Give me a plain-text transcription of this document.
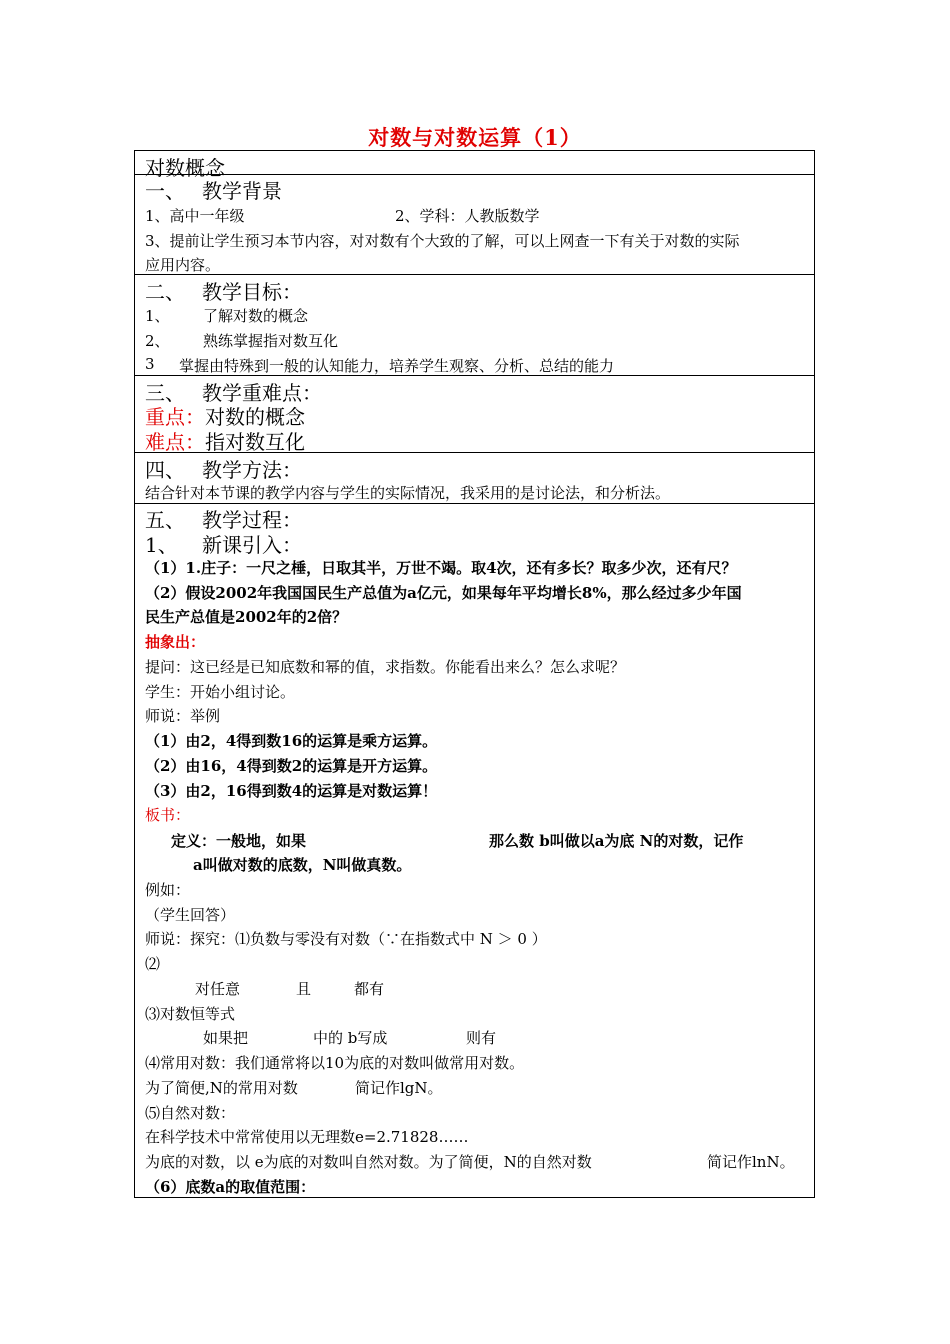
对数与对数运算（1）
对数概念
一、 教学背景
1、高中一年级	2、学科：人教版数学
3、提前让学生预习本节内容，对对数有个大致的了解，可以上网查一下有关于对数的实际
应用内容。
二、 教学目标：
1、 了解对数的概念
2、 熟练掌握指对数互化
3 掌握由特殊到一般的认知能力，培养学生观察、分析、总结的能力
三、 教学重难点：
重点：对数的概念
难点：指对数互化
四、 教学方法：
结合针对本节课的教学内容与学生的实际情况，我采用的是讨论法，和分析法。
五、 教学过程：
1、 新课引入：
（1）1.庄子：一尺之棰，日取其半，万世不竭。取4次，还有多长？取多少次，还有尺？
（2）假设2002年我国国民生产总值为a亿元，如果每年平均增长8%，那么经过多少年国
民生产总值是2002年的2倍？
抽象出：
提问：这已经是已知底数和幂的值，求指数。你能看出来么？怎么求呢？
学生：开始小组讨论。
师说：举例
（1）由2，4得到数16的运算是乘方运算。
（2）由16，4得到数2的运算是开方运算。
（3）由2，16得到数4的运算是对数运算！
板书：
定义：一般地，如果	那么数 b叫做以a为底 N的对数，记作
a叫做对数的底数，N叫做真数。
例如：
（学生回答）
师说：探究：⑴负数与零没有对数（∵在指数式中 N ＞ 0 ）
⑵
对任意	且	都有
⑶对数恒等式
如果把	中的 b写成	则有
⑷常用对数：我们通常将以10为底的对数叫做常用对数。
为了简便,N的常用对数	简记作lgN。
⑸自然对数：
在科学技术中常常使用以无理数e=2.71828……
为底的对数，以 e为底的对数叫自然对数。为了简便，N的自然对数	简记作lnN。
（6）底数a的取值范围：
